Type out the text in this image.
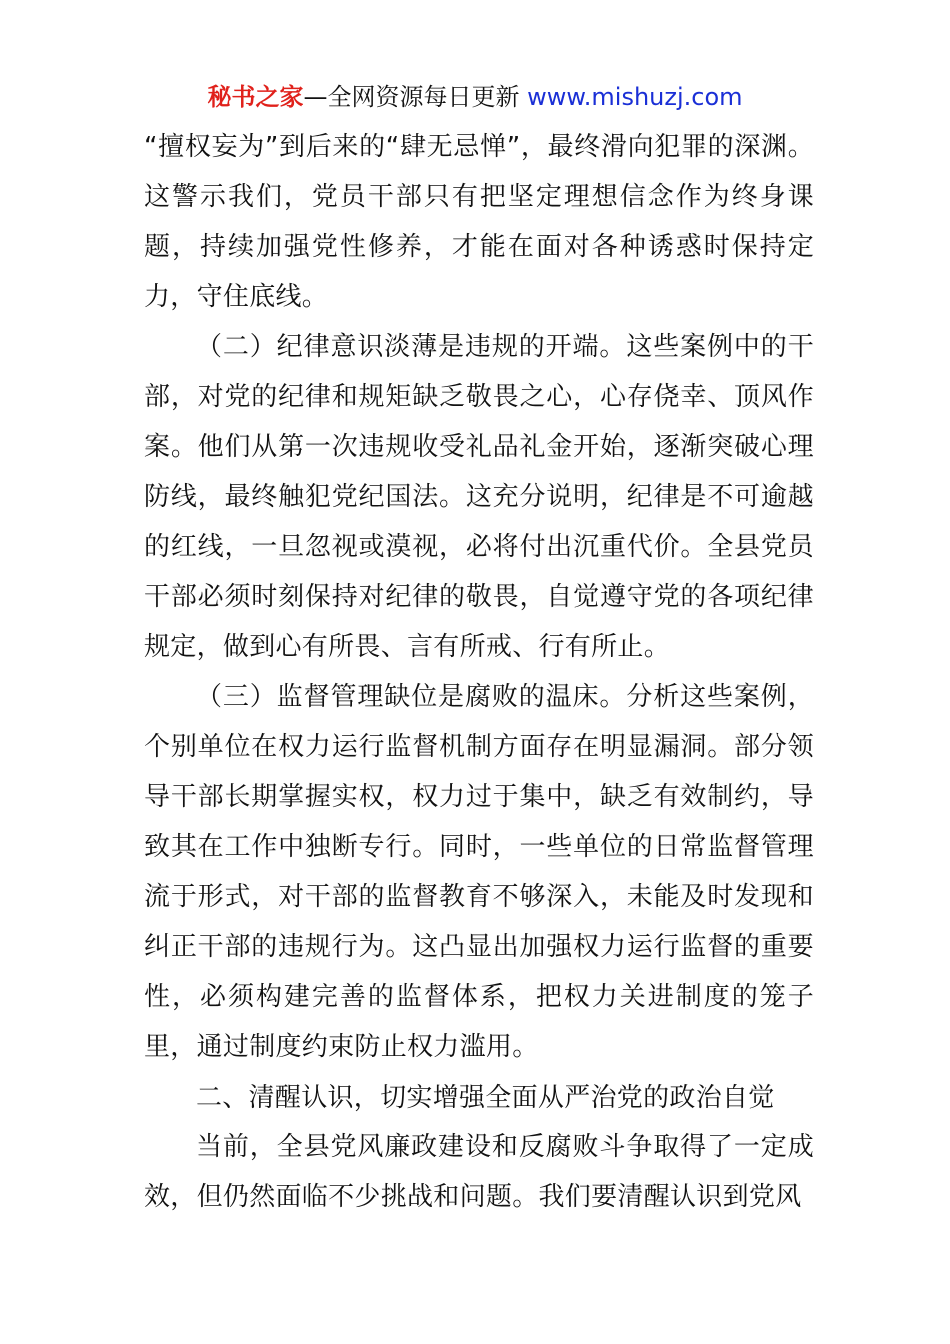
秘书之家—全网资源每日更新 www.mishuzj.com

“擅权妄为”到后来的“肆无忌惮”，最终滑向犯罪的深渊。这警示我们，党员干部只有把坚定理想信念作为终身课题，持续加强党性修养，才能在面对各种诱惑时保持定力，守住底线。

（二）纪律意识淡薄是违规的开端。这些案例中的干部，对党的纪律和规矩缺乏敬畏之心，心存侥幸、顶风作案。他们从第一次违规收受礼品礼金开始，逐渐突破心理防线，最终触犯党纪国法。这充分说明，纪律是不可逾越的红线，一旦忽视或漠视，必将付出沉重代价。全县党员干部必须时刻保持对纪律的敬畏，自觉遵守党的各项纪律规定，做到心有所畏、言有所戒、行有所止。

（三）监督管理缺位是腐败的温床。分析这些案例，个别单位在权力运行监督机制方面存在明显漏洞。部分领导干部长期掌握实权，权力过于集中，缺乏有效制约，导致其在工作中独断专行。同时，一些单位的日常监督管理流于形式，对干部的监督教育不够深入，未能及时发现和纠正干部的违规行为。这凸显出加强权力运行监督的重要性，必须构建完善的监督体系，把权力关进制度的笼子里，通过制度约束防止权力滥用。

二、清醒认识，切实增强全面从严治党的政治自觉

当前，全县党风廉政建设和反腐败斗争取得了一定成效，但仍然面临不少挑战和问题。我们要清醒认识到党风
